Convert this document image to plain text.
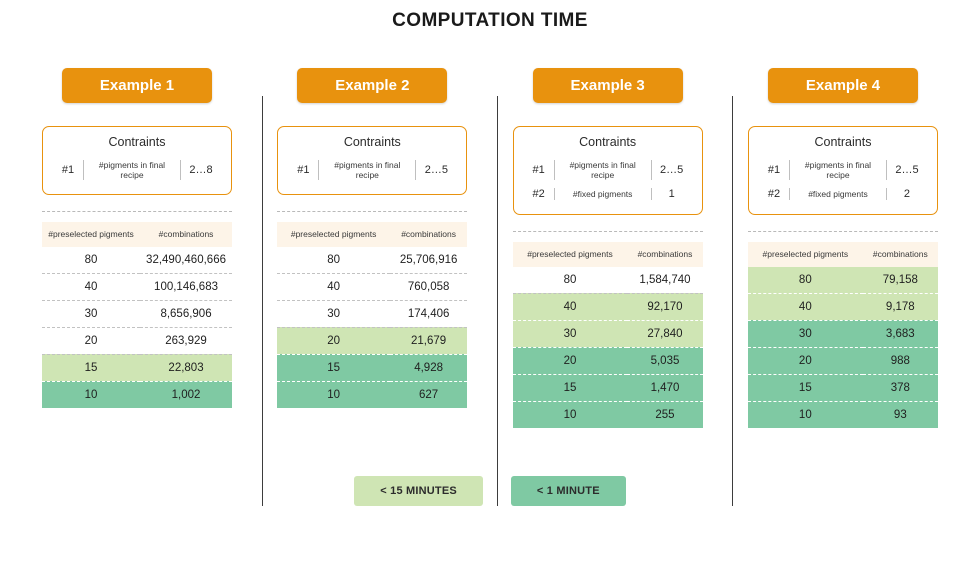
COMPUTATION TIME
Example 1
Contraints
#1	#pigments in final recipe	2…8
#preselected pigments	#combinations
80	32,490,460,666
40	100,146,683
30	8,656,906
20	263,929
15	22,803
10	1,002
Example 2
Contraints
#1	#pigments in final recipe	2…5
#preselected pigments	#combinations
80	25,706,916
40	760,058
30	174,406
20	21,679
15	4,928
10	627
Example 3
Contraints
#1	#pigments in final recipe	2…5
#2	#fixed pigments	1
#preselected pigments	#combinations
80	1,584,740
40	92,170
30	27,840
20	5,035
15	1,470
10	255
Example 4
Contraints
#1	#pigments in final recipe	2…5
#2	#fixed pigments	2
#preselected pigments	#combinations
80	79,158
40	9,178
30	3,683
20	988
15	378
10	93
< 15 MINUTES	< 1 MINUTE
